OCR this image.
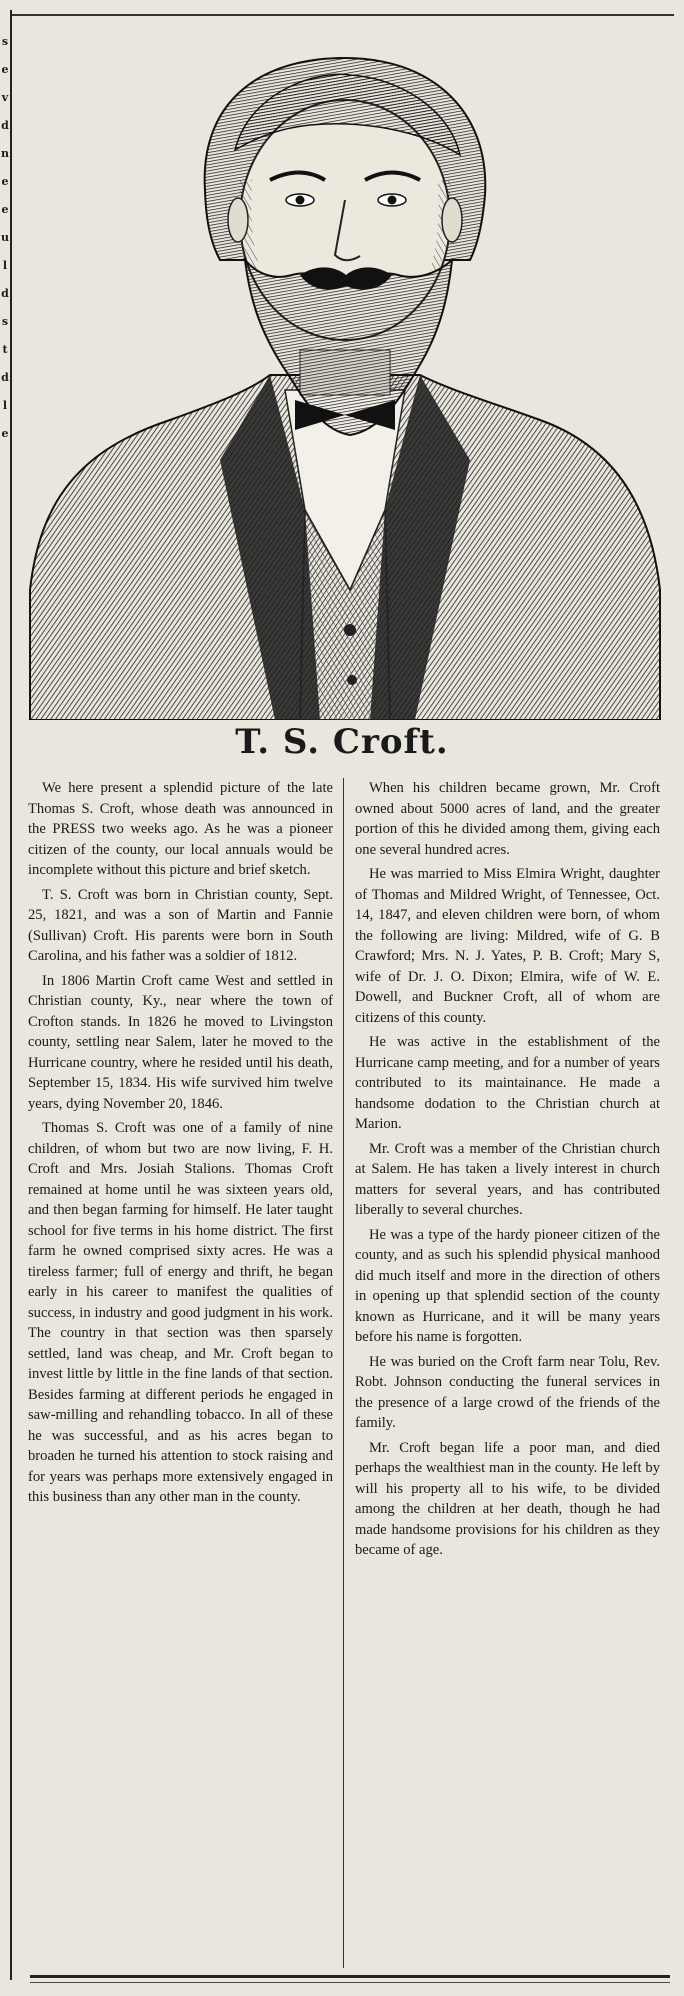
s
e
v
d
n
e
e
u
l
d
s
t
d
l
e
T. S. Croft.

We here present a splendid picture of the late Thomas S. Croft, whose death was announced in the PRESS two weeks ago. As he was a pioneer citizen of the county, our local annuals would be incomplete without this picture and brief sketch.

T. S. Croft was born in Christian county, Sept. 25, 1821, and was a son of Martin and Fannie (Sullivan) Croft. His parents were born in South Carolina, and his father was a soldier of 1812.

In 1806 Martin Croft came West and settled in Christian county, Ky., near where the town of Crofton stands. In 1826 he moved to Livingston county, settling near Salem, later he moved to the Hurricane country, where he resided until his death, September 15, 1834. His wife survived him twelve years, dying November 20, 1846.

Thomas S. Croft was one of a family of nine children, of whom but two are now living, F. H. Croft and Mrs. Josiah Stalions. Thomas Croft remained at home until he was sixteen years old, and then began farming for himself. He later taught school for five terms in his home district. The first farm he owned comprised sixty acres. He was a tireless farmer; full of energy and thrift, he began early in his career to manifest the qualities of success, in industry and good judgment in his work. The country in that section was then sparsely settled, land was cheap, and Mr. Croft began to invest little by little in the fine lands of that section. Besides farming at different periods he engaged in saw-milling and rehandling tobacco. In all of these he was successful, and as his acres began to broaden he turned his attention to stock raising and for years was perhaps more extensively engaged in this business than any other man in the county.

When his children became grown, Mr. Croft owned about 5000 acres of land, and the greater portion of this he divided among them, giving each one several hundred acres.

He was married to Miss Elmira Wright, daughter of Thomas and Mildred Wright, of Tennessee, Oct. 14, 1847, and eleven children were born, of whom the following are living: Mildred, wife of G. B Crawford; Mrs. N. J. Yates, P. B. Croft; Mary S, wife of Dr. J. O. Dixon; Elmira, wife of W. E. Dowell, and Buckner Croft, all of whom are citizens of this county.

He was active in the establishment of the Hurricane camp meeting, and for a number of years contributed to its maintainance. He made a handsome dodation to the Christian church at Marion.

Mr. Croft was a member of the Christian church at Salem. He has taken a lively interest in church matters for several years, and has contributed liberally to several churches.

He was a type of the hardy pioneer citizen of the county, and as such his splendid physical manhood did much itself and more in the direction of others in opening up that splendid section of the county known as Hurricane, and it will be many years before his name is forgotten.

He was buried on the Croft farm near Tolu, Rev. Robt. Johnson conducting the funeral services in the presence of a large crowd of the friends of the family.

Mr. Croft began life a poor man, and died perhaps the wealthiest man in the county. He left by will his property all to his wife, to be divided among the children at her death, though he had made handsome provisions for his children as they became of age.
